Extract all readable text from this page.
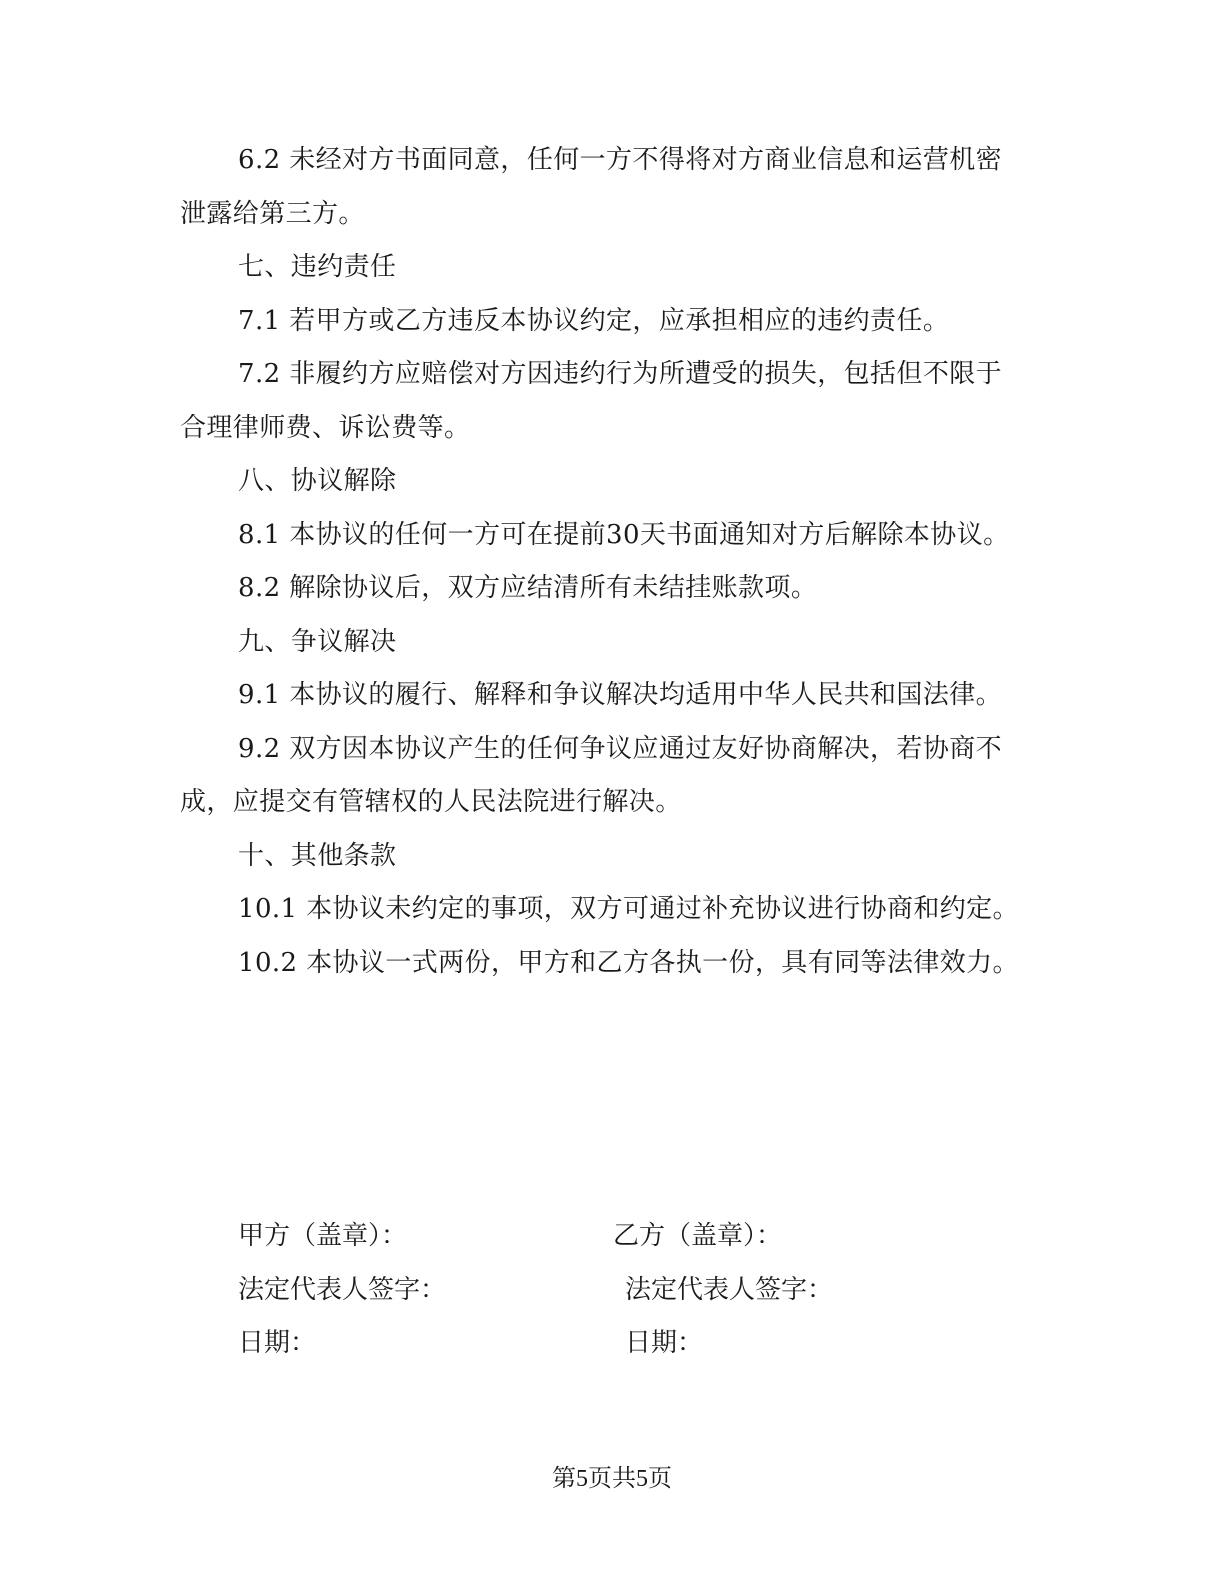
6.2 未经对方书面同意，任何一方不得将对方商业信息和运营机密泄露给第三方。

七、违约责任

7.1 若甲方或乙方违反本协议约定，应承担相应的违约责任。

7.2 非履约方应赔偿对方因违约行为所遭受的损失，包括但不限于合理律师费、诉讼费等。

八、协议解除

8.1 本协议的任何一方可在提前30天书面通知对方后解除本协议。

8.2 解除协议后，双方应结清所有未结挂账款项。

九、争议解决

9.1 本协议的履行、解释和争议解决均适用中华人民共和国法律。

9.2 双方因本协议产生的任何争议应通过友好协商解决，若协商不成，应提交有管辖权的人民法院进行解决。

十、其他条款

10.1 本协议未约定的事项，双方可通过补充协议进行协商和约定。

10.2 本协议一式两份，甲方和乙方各执一份，具有同等法律效力。

甲方（盖章）：	乙方（盖章）：
法定代表人签字：	法定代表人签字：
日期：	日期：
第5页共5页
